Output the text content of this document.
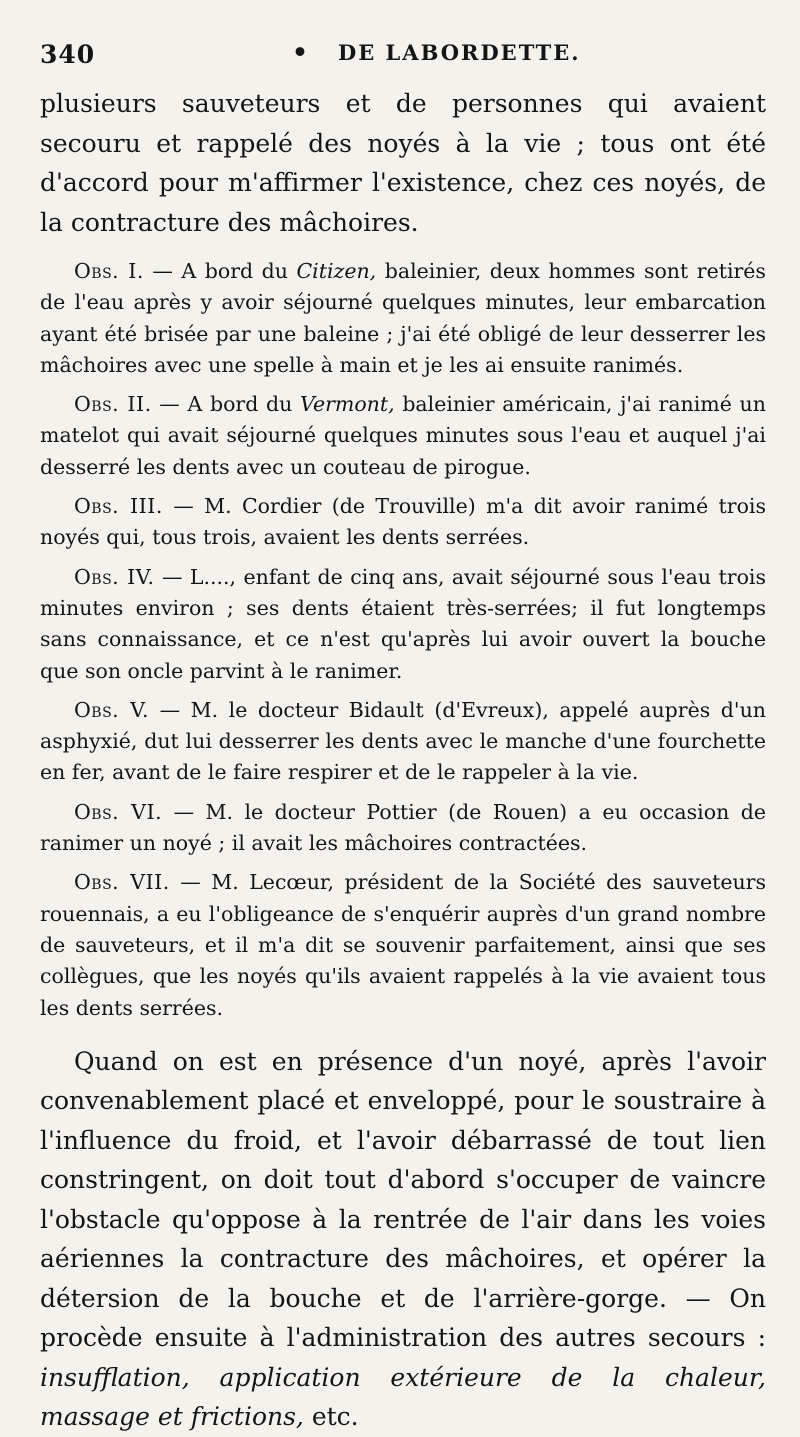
340	• DE LABORDETTE.

plusieurs sauveteurs et de personnes qui avaient secouru et rappelé des noyés à la vie ; tous ont été d'accord pour m'affirmer l'existence, chez ces noyés, de la contracture des mâchoires.

Obs. I. — A bord du Citizen, baleinier, deux hommes sont retirés de l'eau après y avoir séjourné quelques minutes, leur embarcation ayant été brisée par une baleine ; j'ai été obligé de leur desserrer les mâchoires avec une spelle à main et je les ai ensuite ranimés.

Obs. II. — A bord du Vermont, baleinier américain, j'ai ranimé un matelot qui avait séjourné quelques minutes sous l'eau et auquel j'ai desserré les dents avec un couteau de pirogue.

Obs. III. — M. Cordier (de Trouville) m'a dit avoir ranimé trois noyés qui, tous trois, avaient les dents serrées.

Obs. IV. — L...., enfant de cinq ans, avait séjourné sous l'eau trois minutes environ ; ses dents étaient très-serrées; il fut longtemps sans connaissance, et ce n'est qu'après lui avoir ouvert la bouche que son oncle parvint à le ranimer.

Obs. V. — M. le docteur Bidault (d'Evreux), appelé auprès d'un asphyxié, dut lui desserrer les dents avec le manche d'une fourchette en fer, avant de le faire respirer et de le rappeler à la vie.

Obs. VI. — M. le docteur Pottier (de Rouen) a eu occasion de ranimer un noyé ; il avait les mâchoires contractées.

Obs. VII. — M. Lecœur, président de la Société des sauveteurs rouennais, a eu l'obligeance de s'enquérir auprès d'un grand nombre de sauveteurs, et il m'a dit se souvenir parfaitement, ainsi que ses collègues, que les noyés qu'ils avaient rappelés à la vie avaient tous les dents serrées.

Quand on est en présence d'un noyé, après l'avoir convenablement placé et enveloppé, pour le soustraire à l'influence du froid, et l'avoir débarrassé de tout lien constringent, on doit tout d'abord s'occuper de vaincre l'obstacle qu'oppose à la rentrée de l'air dans les voies aériennes la contracture des mâchoires, et opérer la détersion de la bouche et de l'arrière-gorge. — On procède ensuite à l'administration des autres secours : insufflation, application extérieure de la chaleur, massage et frictions, etc.
